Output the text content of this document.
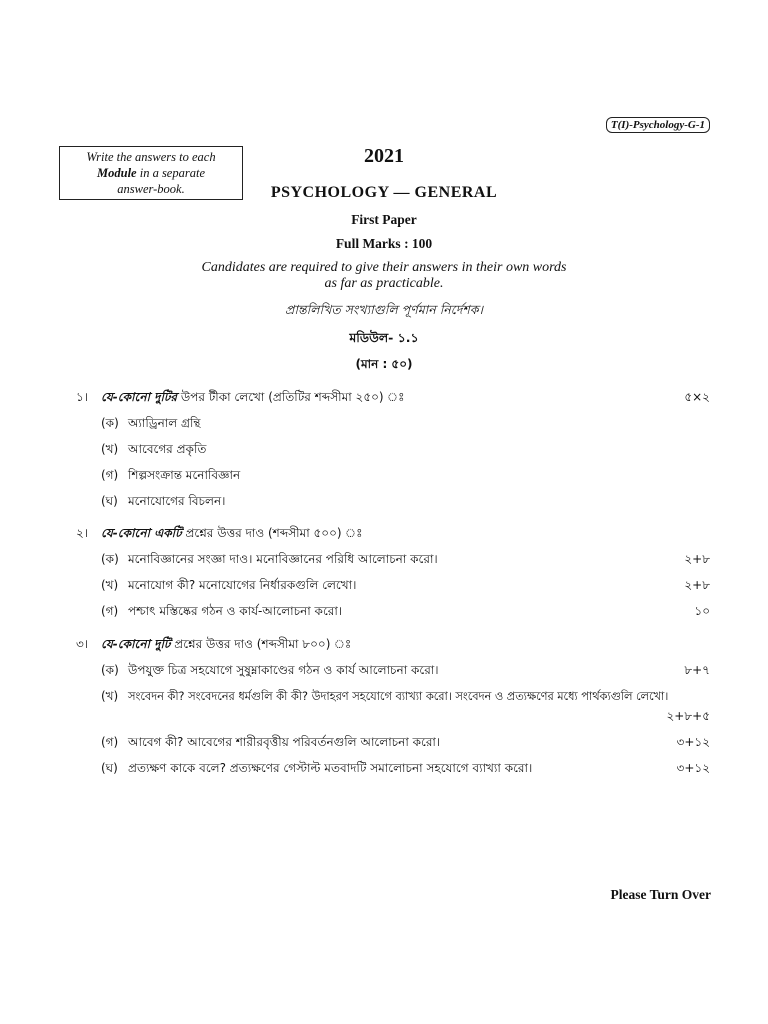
T(I)-Psychology-G-1
Write the answers to each
Module in a separate
answer-book.
2021
PSYCHOLOGY — GENERAL
First Paper
Full Marks : 100
Candidates are required to give their answers in their own words
as far as practicable.
প্রান্তলিখিত সংখ্যাগুলি পূর্ণমান নির্দেশক।
মডিউল- ১.১
(মান : ৫০)
১। যে-কোনো দুটির উপর টীকা লেখো (প্রতিটির শব্দসীমা ২৫০) ঃ	৫×২
(ক) অ্যাড্রিনাল গ্রন্থি
(খ) আবেগের প্রকৃতি
(গ) শিল্পসংক্রান্ত মনোবিজ্ঞান
(ঘ) মনোযোগের বিচলন।
২। যে-কোনো একটি প্রশ্নের উত্তর দাও (শব্দসীমা ৫০০) ঃ
(ক) মনোবিজ্ঞানের সংজ্ঞা দাও। মনোবিজ্ঞানের পরিধি আলোচনা করো।	২+৮
(খ) মনোযোগ কী? মনোযোগের নির্ধারকগুলি লেখো।	২+৮
(গ) পশ্চাৎ মস্তিষ্কের গঠন ও কার্য-আলোচনা করো।	১০
৩। যে-কোনো দুটি প্রশ্নের উত্তর দাও (শব্দসীমা ৮০০) ঃ
(ক) উপযুক্ত চিত্র সহযোগে সুষুম্নাকাণ্ডের গঠন ও কার্য আলোচনা করো।	৮+৭
(খ) সংবেদন কী? সংবেদনের ধর্মগুলি কী কী? উদাহরণ সহযোগে ব্যাখ্যা করো। সংবেদন ও প্রত্যক্ষণের মধ্যে পার্থক্যগুলি লেখো।
২+৮+৫
(গ) আবেগ কী? আবেগের শারীরবৃত্তীয় পরিবর্তনগুলি আলোচনা করো।	৩+১২
(ঘ) প্রত্যক্ষণ কাকে বলে? প্রত্যক্ষণের গেস্টাল্ট মতবাদটি সমালোচনা সহযোগে ব্যাখ্যা করো।	৩+১২
Please Turn Over
